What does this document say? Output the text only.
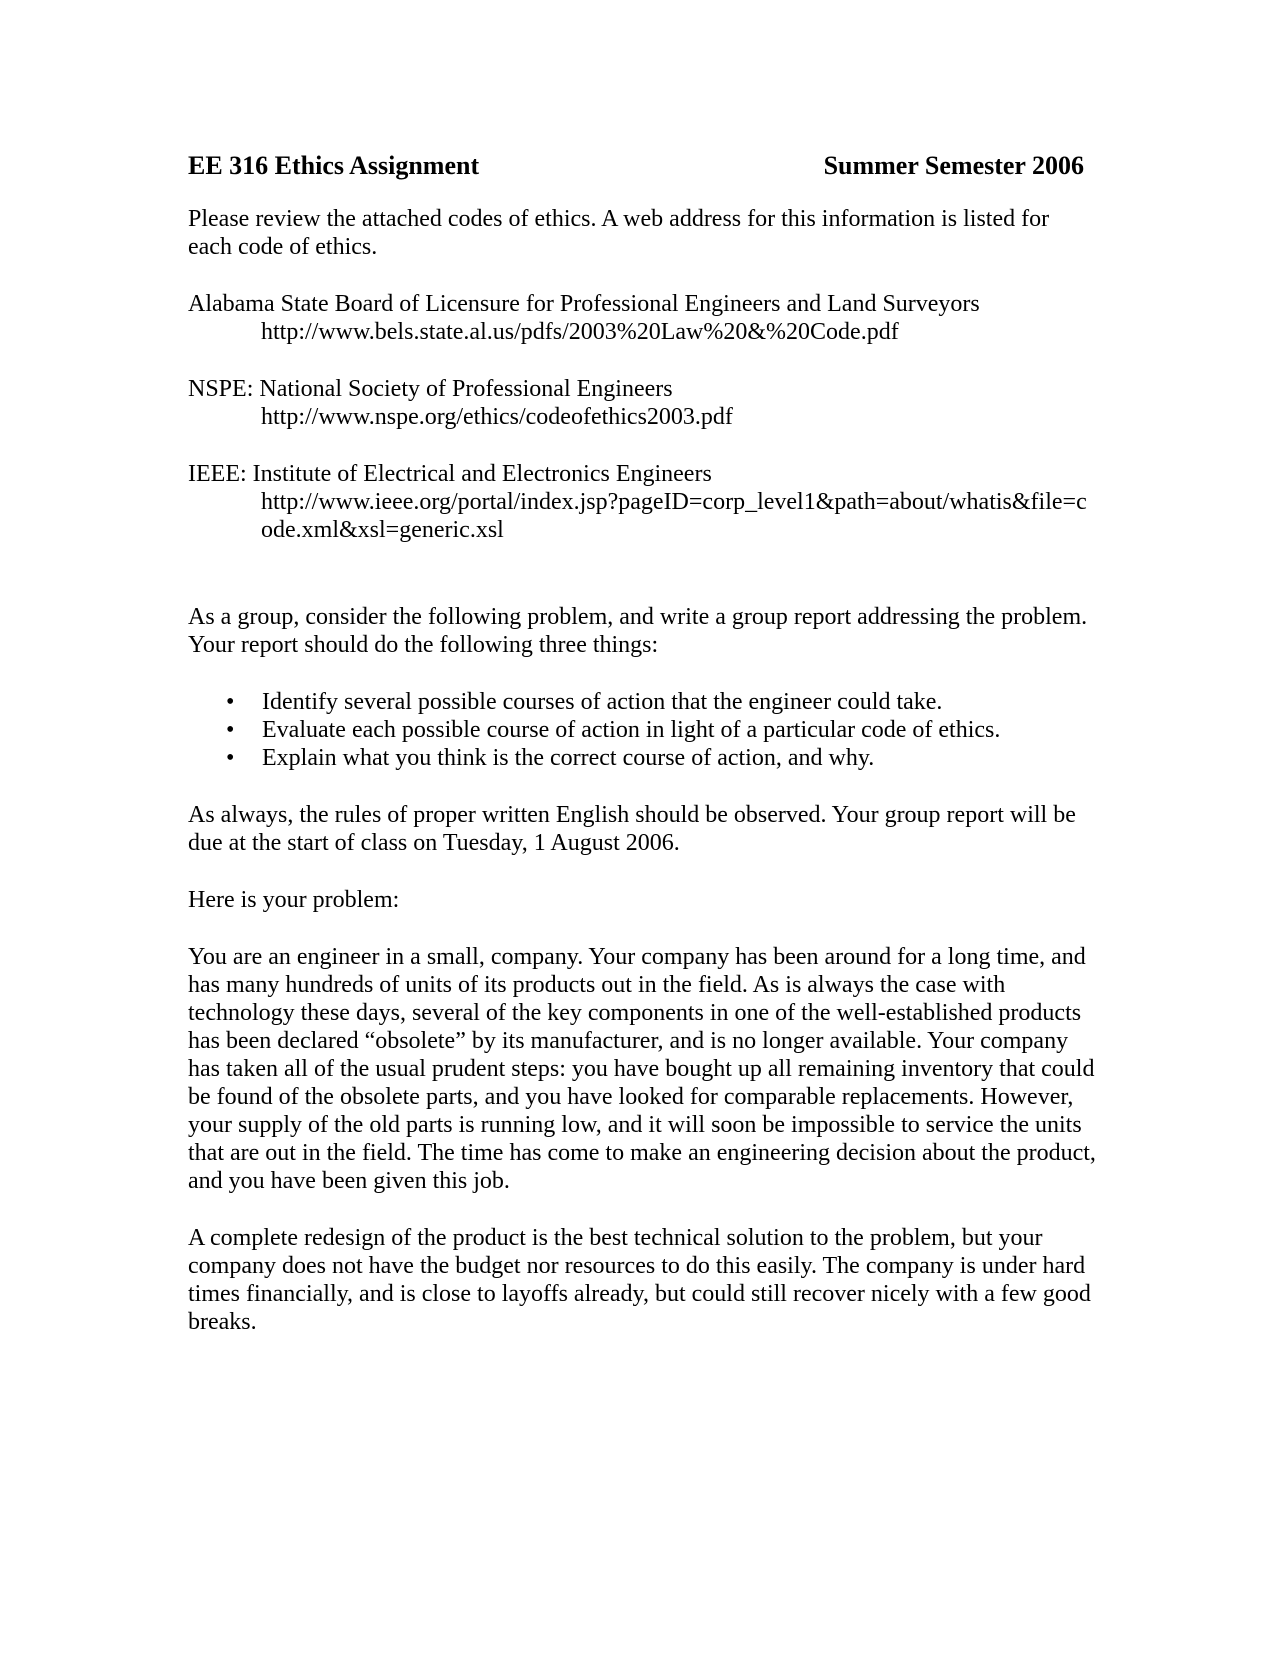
EE 316 Ethics Assignment	Summer Semester 2006

Please review the attached codes of ethics. A web address for this information is listed for each code of ethics.

Alabama State Board of Licensure for Professional Engineers and Land Surveyors
http://www.bels.state.al.us/pdfs/2003%20Law%20&%20Code.pdf
NSPE: National Society of Professional Engineers
http://www.nspe.org/ethics/codeofethics2003.pdf
IEEE: Institute of Electrical and Electronics Engineers
http://www.ieee.org/portal/index.jsp?pageID=corp_level1&path=about/whatis&file=code.xml&xsl=generic.xsl

As a group, consider the following problem, and write a group report addressing the problem. Your report should do the following three things:

• Identify several possible courses of action that the engineer could take.
• Evaluate each possible course of action in light of a particular code of ethics.
• Explain what you think is the correct course of action, and why.

As always, the rules of proper written English should be observed. Your group report will be due at the start of class on Tuesday, 1 August 2006.

Here is your problem:

You are an engineer in a small, company. Your company has been around for a long time, and has many hundreds of units of its products out in the field. As is always the case with technology these days, several of the key components in one of the well-established products has been declared “obsolete” by its manufacturer, and is no longer available. Your company has taken all of the usual prudent steps: you have bought up all remaining inventory that could be found of the obsolete parts, and you have looked for comparable replacements. However, your supply of the old parts is running low, and it will soon be impossible to service the units that are out in the field. The time has come to make an engineering decision about the product, and you have been given this job.

A complete redesign of the product is the best technical solution to the problem, but your company does not have the budget nor resources to do this easily. The company is under hard times financially, and is close to layoffs already, but could still recover nicely with a few good breaks.
